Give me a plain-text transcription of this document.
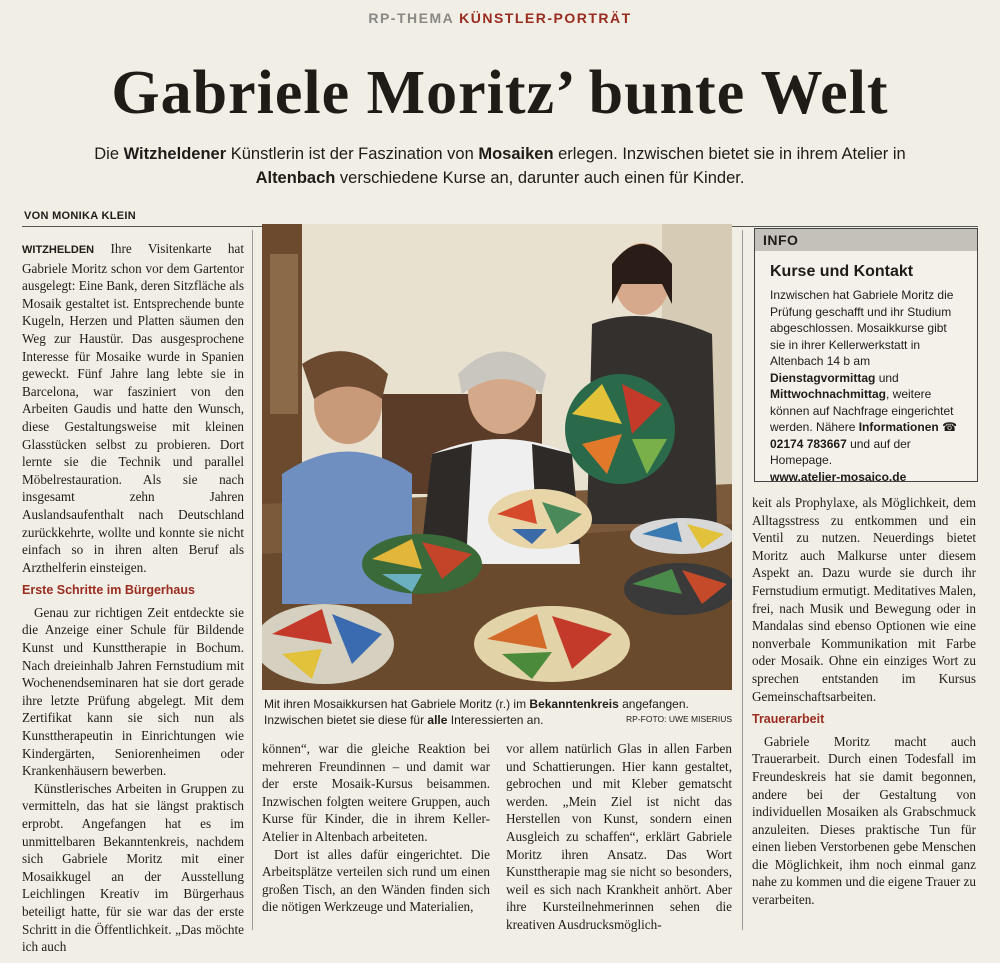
RP-THEMA KÜNSTLER-PORTRÄT
Gabriele Moritz’ bunte Welt
Die Witzheldener Künstlerin ist der Faszination von Mosaiken erlegen. Inzwischen bietet sie in ihrem Atelier in Altenbach verschiedene Kurse an, darunter auch einen für Kinder.
VON MONIKA KLEIN

WITZHELDEN Ihre Visitenkarte hat Gabriele Moritz schon vor dem Gartentor ausgelegt: Eine Bank, deren Sitzfläche als Mosaik gestaltet ist. Entsprechende bunte Kugeln, Herzen und Platten säumen den Weg zur Haustür. Das ausgesprochene Interesse für Mosaike wurde in Spanien geweckt. Fünf Jahre lang lebte sie in Barcelona, war fasziniert von den Arbeiten Gaudis und hatte den Wunsch, diese Gestaltungsweise mit kleinen Glasstücken selbst zu probieren. Dort lernte sie die Technik und parallel Möbelrestauration. Als sie nach insgesamt zehn Jahren Auslandsaufenthalt nach Deutschland zurückkehrte, wollte und konnte sie nicht einfach so in ihren alten Beruf als Arzthelferin einsteigen.

Erste Schritte im Bürgerhaus

Genau zur richtigen Zeit entdeckte sie die Anzeige einer Schule für Bildende Kunst und Kunsttherapie in Bochum. Nach dreieinhalb Jahren Fernstudium mit Wochenendseminaren hat sie dort gerade ihre letzte Prüfung abgelegt. Mit dem Zertifikat kann sie sich nun als Kunsttherapeutin in Einrichtungen wie Kindergärten, Seniorenheimen oder Krankenhäusern bewerben.

Künstlerisches Arbeiten in Gruppen zu vermitteln, das hat sie längst praktisch erprobt. Angefangen hat es im unmittelbaren Bekanntenkreis, nachdem sich Gabriele Moritz mit einer Mosaikkugel an der Ausstellung Leichlingen Kreativ im Bürgerhaus beteiligt hatte, für sie war das der erste Schritt in die Öffentlichkeit. „Das möchte ich auch

Mit ihren Mosaikkursen hat Gabriele Moritz (r.) im Bekanntenkreis angefangen. Inzwischen bietet sie diese für alle Interessierten an.	RP-FOTO: UWE MISERIUS
INFO
Kurse und Kontakt
Inzwischen hat Gabriele Moritz die Prüfung geschafft und ihr Studium abgeschlossen. Mosaikkurse gibt sie in ihrer Kellerwerkstatt in Altenbach 14 b am Dienstagvormittag und Mittwochnachmittag, weitere können auf Nachfrage eingerichtet werden. Nähere Informationen ☎ 02174 783667 und auf der Homepage.
www.atelier-mosaico.de

können“, war die gleiche Reaktion bei mehreren Freundinnen – und damit war der erste Mosaik-Kursus beisammen. Inzwischen folgten weitere Gruppen, auch Kurse für Kinder, die in ihrem Keller-Atelier in Altenbach arbeiteten.

Dort ist alles dafür eingerichtet. Die Arbeitsplätze verteilen sich rund um einen großen Tisch, an den Wänden finden sich die nötigen Werkzeuge und Materialien,

vor allem natürlich Glas in allen Farben und Schattierungen. Hier kann gestaltet, gebrochen und mit Kleber gematscht werden. „Mein Ziel ist nicht das Herstellen von Kunst, sondern einen Ausgleich zu schaffen“, erklärt Gabriele Moritz ihren Ansatz. Das Wort Kunsttherapie mag sie nicht so besonders, weil es sich nach Krankheit anhört. Aber ihre Kursteilnehmerinnen sehen die kreativen Ausdrucksmöglich-

keit als Prophylaxe, als Möglichkeit, dem Alltagsstress zu entkommen und ein Ventil zu nutzen. Neuerdings bietet Moritz auch Malkurse unter diesem Aspekt an. Dazu wurde sie durch ihr Fernstudium ermutigt. Meditatives Malen, frei, nach Musik und Bewegung oder in Mandalas sind ebenso Optionen wie eine nonverbale Kommunikation mit Farbe oder Mosaik. Ohne ein einziges Wort zu sprechen entstanden im Kursus Gemeinschaftsarbeiten.

Trauerarbeit

Gabriele Moritz macht auch Trauerarbeit. Durch einen Todesfall im Freundeskreis hat sie damit begonnen, andere bei der Gestaltung von individuellen Mosaiken als Grabschmuck anzuleiten. Dieses praktische Tun für einen lieben Verstorbenen gebe Menschen die Möglichkeit, ihm noch einmal ganz nahe zu kommen und die eigene Trauer zu verarbeiten.
